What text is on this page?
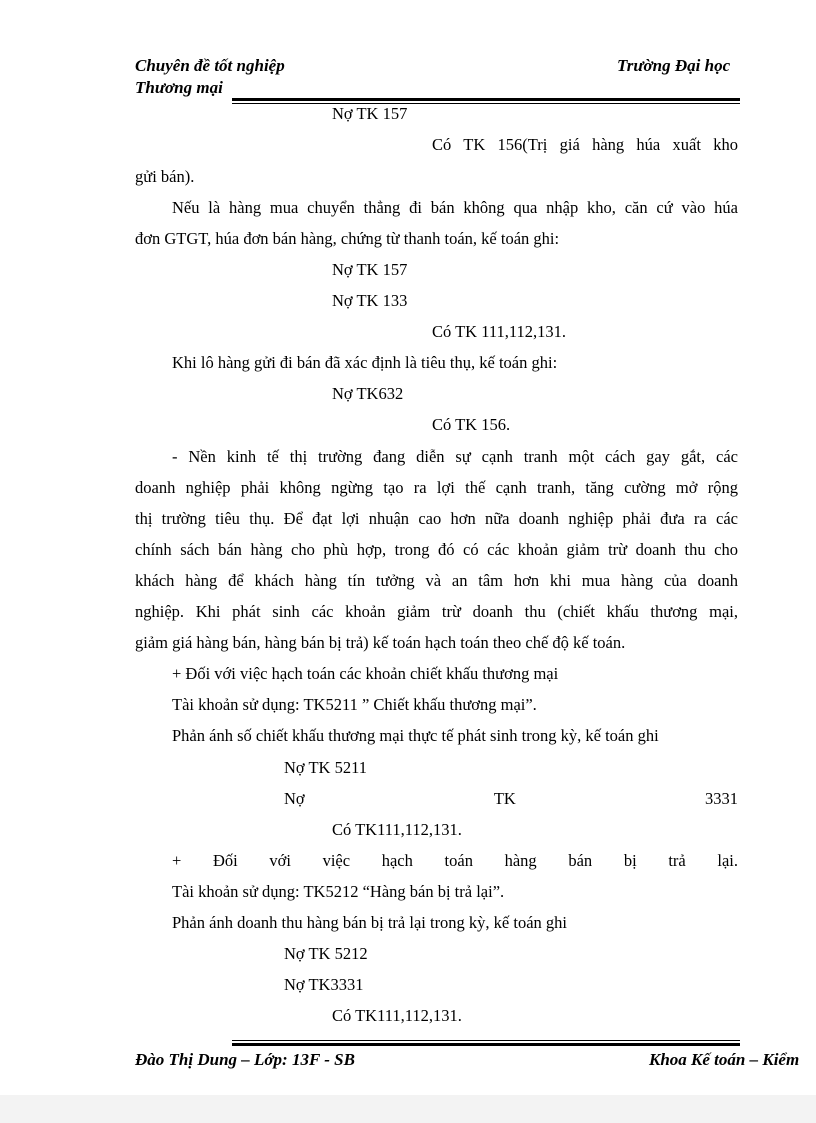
Chuyên đề tốt nghiệp
Thương mại
Trường Đại học
Nợ TK 157
Có TK 156(Trị giá hàng húa xuất kho
gửi bán).
Nếu là hàng mua chuyển thẳng đi bán không qua nhập kho, căn cứ vào húa
đơn GTGT, húa đơn bán hàng, chứng từ thanh toán, kế toán ghi:
Nợ TK 157
Nợ TK 133
Có TK 111,112,131.
Khi lô hàng gửi đi bán đã xác định là tiêu thụ, kế toán ghi:
Nợ TK632
Có TK 156.
- Nền kinh tế thị trường đang diễn sự cạnh tranh một cách gay gắt, các
doanh nghiệp phải không ngừng tạo ra lợi thế cạnh tranh, tăng cường mở rộng
thị trường tiêu thụ. Để đạt lợi nhuận cao hơn nữa doanh nghiệp phải đưa ra các
chính sách bán hàng cho phù hợp, trong đó có các khoản giảm trừ doanh thu cho
khách hàng để khách hàng tín tưởng và an tâm hơn khi mua hàng của doanh
nghiệp. Khi phát sinh các khoản giảm trừ doanh thu (chiết khấu thương mại,
giảm giá hàng bán, hàng bán bị trả) kế toán hạch toán theo chế độ kế toán.
+ Đối với việc hạch toán các khoản chiết khấu thương mại
Tài khoản sử dụng: TK5211 ” Chiết khấu thương mại”.
Phản ánh số chiết khấu thương mại thực tế phát sinh trong kỳ, kế toán ghi
Nợ TK 5211
Nợ	TK	3331
Có TK111,112,131.
+ Đối với việc hạch toán hàng bán bị trả lại.
Tài khoản sử dụng: TK5212 “Hàng bán bị trả lại”.
Phản ánh doanh thu hàng bán bị trả lại trong kỳ, kế toán ghi
Nợ TK 5212
Nợ TK3331
Có TK111,112,131.
Đào Thị Dung – Lớp: 13F - SB	Khoa Kế toán – Kiểm
